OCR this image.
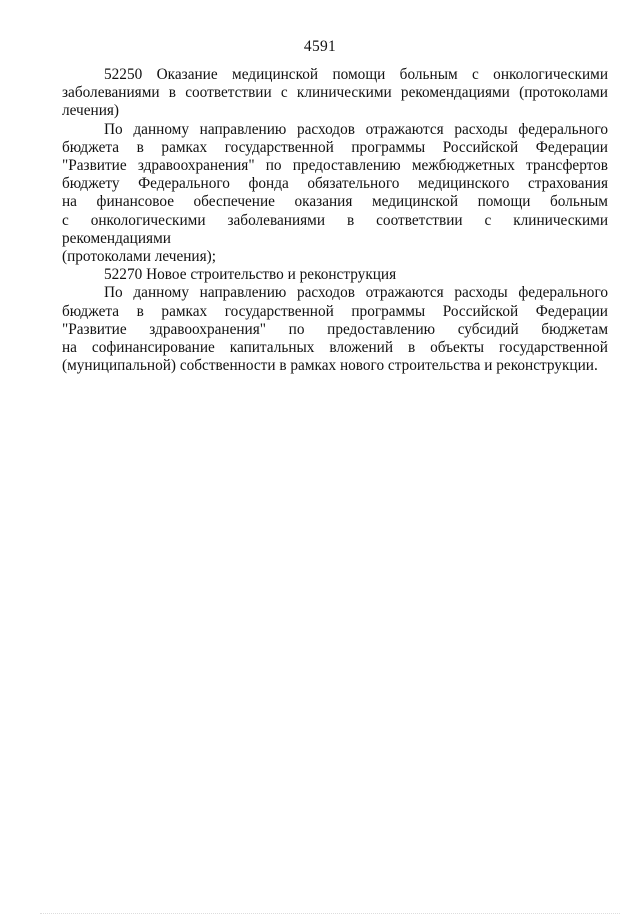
4591
52250 Оказание медицинской помощи больным с онкологическими
заболеваниями в соответствии с клиническими рекомендациями (протоколами
лечения)
По данному направлению расходов отражаются расходы федерального
бюджета в рамках государственной программы Российской Федерации
"Развитие здравоохранения" по предоставлению межбюджетных трансфертов
бюджету Федерального фонда обязательного медицинского страхования
на финансовое обеспечение оказания медицинской помощи больным
с онкологическими заболеваниями в соответствии с клиническими рекомендациями
(протоколами лечения);
52270 Новое строительство и реконструкция
По данному направлению расходов отражаются расходы федерального
бюджета в рамках государственной программы Российской Федерации
"Развитие здравоохранения" по предоставлению субсидий бюджетам
на софинансирование капитальных вложений в объекты государственной
(муниципальной) собственности в рамках нового строительства и реконструкции.
